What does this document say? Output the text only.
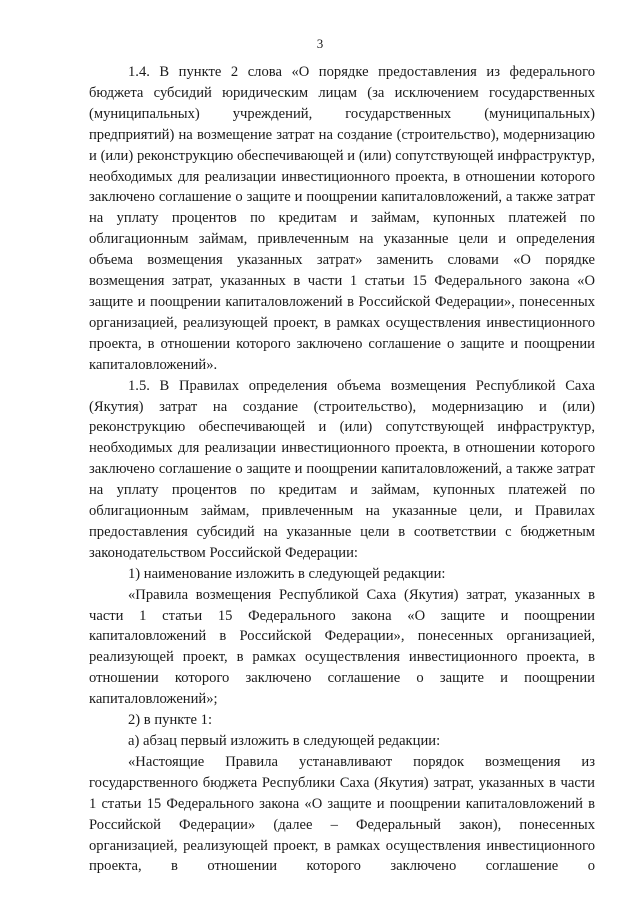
3

1.4. В пункте 2 слова «О порядке предоставления из федерального бюджета субсидий юридическим лицам (за исключением государственных (муниципальных) учреждений, государственных (муниципальных) предприятий) на возмещение затрат на создание (строительство), модернизацию и (или) реконструкцию обеспечивающей и (или) сопутствующей инфраструктур, необходимых для реализации инвестиционного проекта, в отношении которого заключено соглашение о защите и поощрении капиталовложений, а также затрат на уплату процентов по кредитам и займам, купонных платежей по облигационным займам, привлеченным на указанные цели и определения объема возмещения указанных затрат» заменить словами «О порядке возмещения затрат, указанных в части 1 статьи 15 Федерального закона «О защите и поощрении капиталовложений в Российской Федерации», понесенных организацией, реализующей проект, в рамках осуществления инвестиционного проекта, в отношении которого заключено соглашение о защите и поощрении капиталовложений».

1.5. В Правилах определения объема возмещения Республикой Саха (Якутия) затрат на создание (строительство), модернизацию и (или) реконструкцию обеспечивающей и (или) сопутствующей инфраструктур, необходимых для реализации инвестиционного проекта, в отношении которого заключено соглашение о защите и поощрении капиталовложений, а также затрат на уплату процентов по кредитам и займам, купонных платежей по облигационным займам, привлеченным на указанные цели, и Правилах предоставления субсидий на указанные цели в соответствии с бюджетным законодательством Российской Федерации:

1) наименование изложить в следующей редакции:

«Правила возмещения Республикой Саха (Якутия) затрат, указанных в части 1 статьи 15 Федерального закона «О защите и поощрении капиталовложений в Российской Федерации», понесенных организацией, реализующей проект, в рамках осуществления инвестиционного проекта, в отношении которого заключено соглашение о защите и поощрении капиталовложений»;

2) в пункте 1:

а) абзац первый изложить в следующей редакции:

«Настоящие Правила устанавливают порядок возмещения из государственного бюджета Республики Саха (Якутия) затрат, указанных в части 1 статьи 15 Федерального закона «О защите и поощрении капиталовложений в Российской Федерации» (далее – Федеральный закон), понесенных организацией, реализующей проект, в рамках осуществления инвестиционного проекта, в отношении которого заключено соглашение о
